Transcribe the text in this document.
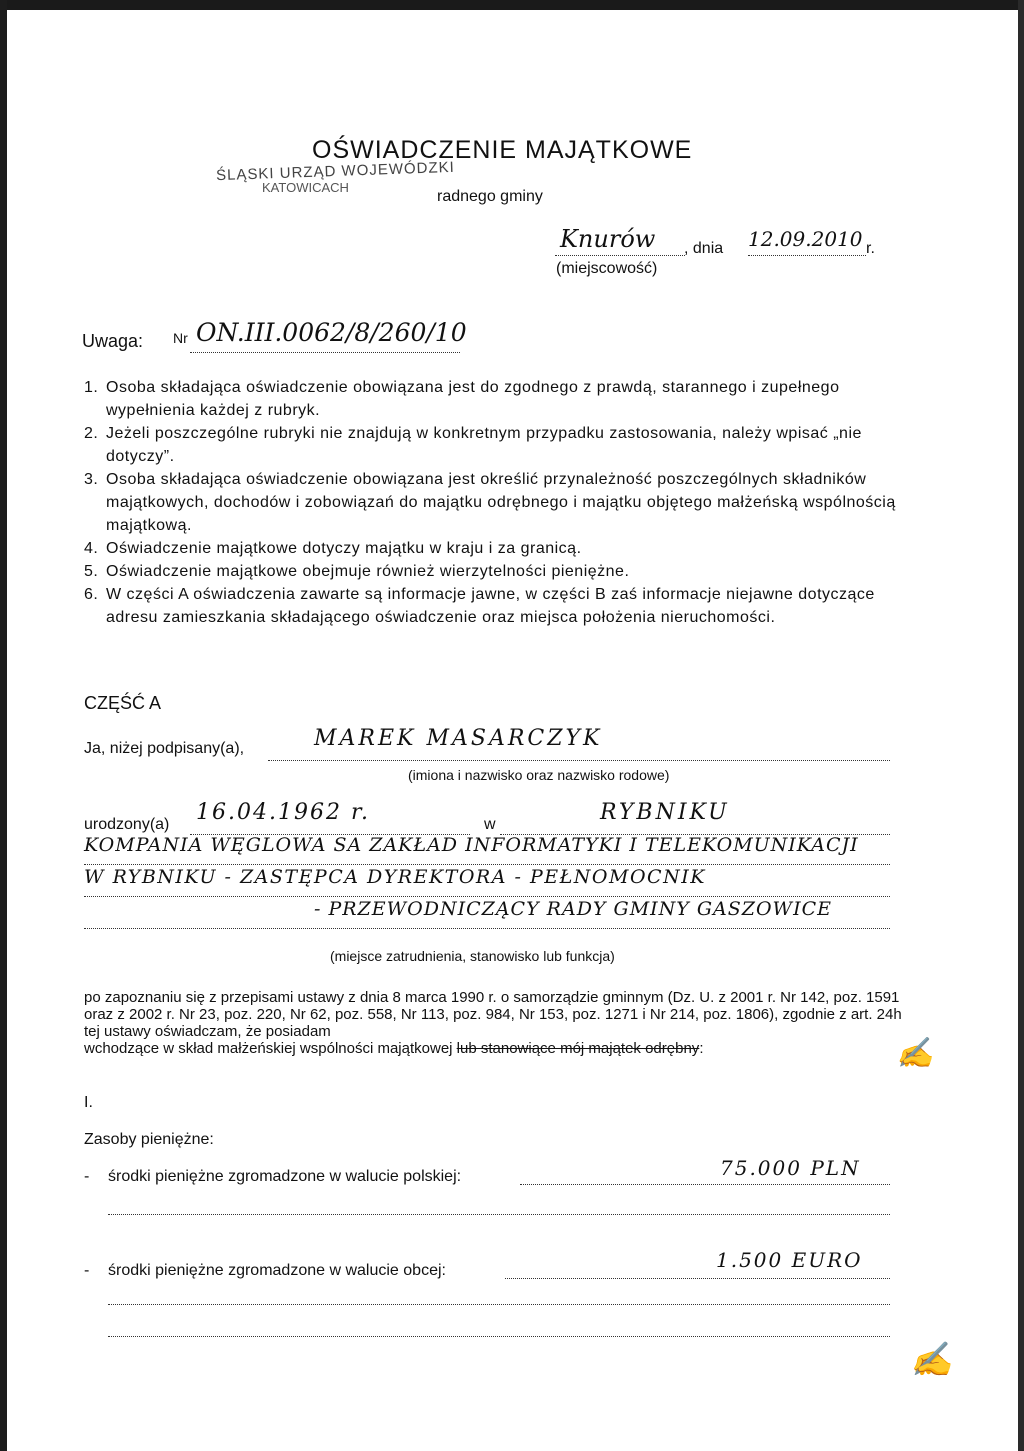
OŚWIADCZENIE MAJĄTKOWE
ŚLĄSKI URZĄD WOJEWÓDZKI
KATOWICACH
radnego gminy
Knurów , dnia 12.09.2010 r.
(miejscowość)
Uwaga: Nr ON.III.0062/8/260/10
1. Osoba składająca oświadczenie obowiązana jest do zgodnego z prawdą, starannego i zupełnego wypełnienia każdej z rubryk.
2. Jeżeli poszczególne rubryki nie znajdują w konkretnym przypadku zastosowania, należy wpisać „nie dotyczy”.
3. Osoba składająca oświadczenie obowiązana jest określić przynależność poszczególnych składników majątkowych, dochodów i zobowiązań do majątku odrębnego i majątku objętego małżeńską wspólnością majątkową.
4. Oświadczenie majątkowe dotyczy majątku w kraju i za granicą.
5. Oświadczenie majątkowe obejmuje również wierzytelności pieniężne.
6. W części A oświadczenia zawarte są informacje jawne, w części B zaś informacje niejawne dotyczące adresu zamieszkania składającego oświadczenie oraz miejsca położenia nieruchomości.
CZĘŚĆ A
Ja, niżej podpisany(a),	MAREK MASARCZYK
(imiona i nazwisko oraz nazwisko rodowe)
urodzony(a) 16.04.1962 r.	w	RYBNIKU
KOMPANIA WĘGLOWA SA ZAKŁAD INFORMATYKI I TELEKOMUNIKACJI
W RYBNIKU - ZASTĘPCA DYREKTORA - PEŁNOMOCNIK
- PRZEWODNICZĄCY RADY GMINY GASZOWICE
(miejsce zatrudnienia, stanowisko lub funkcja)
po zapoznaniu się z przepisami ustawy z dnia 8 marca 1990 r. o samorządzie gminnym (Dz. U. z 2001 r. Nr 142, poz. 1591 oraz z 2002 r. Nr 23, poz. 220, Nr 62, poz. 558, Nr 113, poz. 984, Nr 153, poz. 1271 i Nr 214, poz. 1806), zgodnie z art. 24h tej ustawy oświadczam, że posiadam
wchodzące w skład małżeńskiej wspólności majątkowej lub stanowiące mój majątek odrębny:	✍
I.
Zasoby pieniężne:
- środki pieniężne zgromadzone w walucie polskiej:	75.000 PLN
- środki pieniężne zgromadzone w walucie obcej:	1.500 EURO
✍
